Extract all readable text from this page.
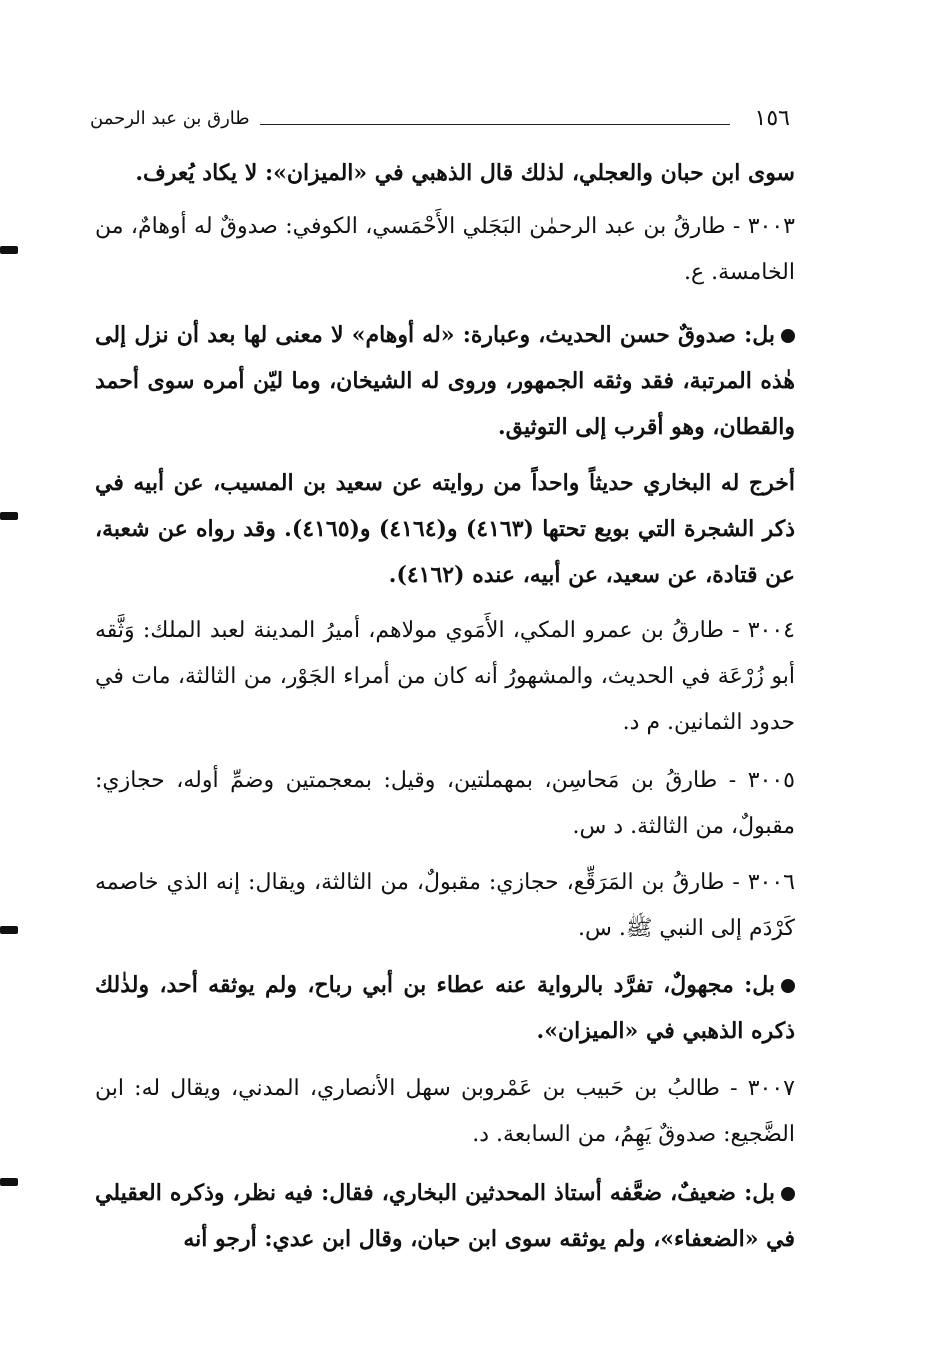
١٥٦
طارق بن عبد الرحمن

سوى ابن حبان والعجلي، لذلك قال الذهبي في «الميزان»: لا يكاد يُعرف.

٣٠٠٣ - طارقُ بن عبد الرحمٰن البَجَلي الأَحْمَسي، الكوفي: صدوقٌ له أوهامٌ، من الخامسة. ع.

بل: صدوقٌ حسن الحديث، وعبارة: «له أوهام» لا معنى لها بعد أن نزل إلى هٰذه المرتبة، فقد وثقه الجمهور، وروى له الشيخان، وما ليّن أمره سوى أحمد والقطان، وهو أقرب إلى التوثيق.

أخرج له البخاري حديثاً واحداً من روايته عن سعيد بن المسيب، عن أبيه في ذكر الشجرة التي بويع تحتها (٤١٦٣) و(٤١٦٤) و(٤١٦٥). وقد رواه عن شعبة، عن قتادة، عن سعيد، عن أبيه، عنده (٤١٦٢).

٣٠٠٤ - طارقُ بن عمرو المكي، الأَمَوي مولاهم، أميرُ المدينة لعبد الملك: وَثَّقه أبو زُرْعَة في الحديث، والمشهورُ أنه كان من أمراء الجَوْر، من الثالثة، مات في حدود الثمانين. م د.

٣٠٠٥ - طارقُ بن مَحاسِن، بمهملتين، وقيل: بمعجمتين وضمِّ أوله، حجازي: مقبولٌ، من الثالثة. د س.

٣٠٠٦ - طارقُ بن المَرَقِّع، حجازي: مقبولٌ، من الثالثة، ويقال: إنه الذي خاصمه كَرْدَم إلى النبي ﷺ. س.

بل: مجهولٌ، تفرَّد بالرواية عنه عطاء بن أبي رباح، ولم يوثقه أحد، ولذٰلك ذكره الذهبي في «الميزان».

٣٠٠٧ - طالبُ بن حَبيب بن عَمْروبن سهل الأنصاري، المدني، ويقال له: ابن الضَّجيع: صدوقٌ يَهِمُ، من السابعة. د.

بل: ضعيفٌ، ضعَّفه أستاذ المحدثين البخاري، فقال: فيه نظر، وذكره العقيلي في «الضعفاء»، ولم يوثقه سوى ابن حبان، وقال ابن عدي: أرجو أنه
